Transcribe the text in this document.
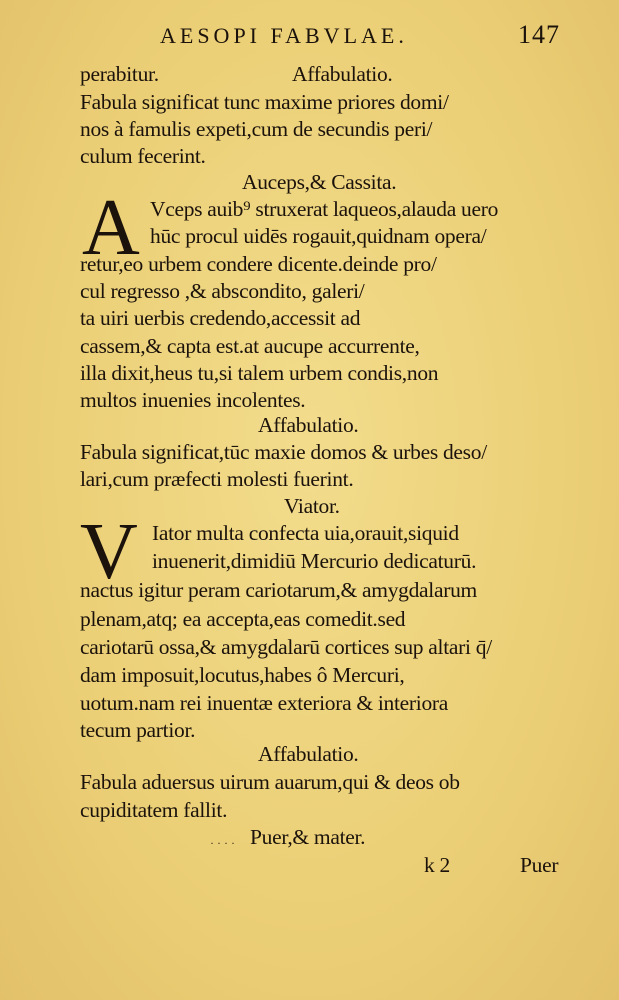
AESOPI FABVLAE.	147
perabitur.	Affabulatio.
Fabula significat tunc maxime priores domi/
nos à famulis expeti,cum de secundis peri/
culum fecerint.
Auceps,& Cassita.
A Vceps auib⁹ struxerat laqueos,alauda uero
hūc procul uidēs rogauit,quidnam opera/
retur,eo urbem condere dicente.deinde pro/
cul regresso ,& abscondito, galeri/
ta uiri uerbis credendo,accessit ad
cassem,& capta est.at aucupe accurrente,
illa dixit,heus tu,si talem urbem condis,non
multos inuenies incolentes.
Affabulatio.
Fabula significat,tūc maxie domos & urbes deso/
lari,cum præfecti molesti fuerint.
Viator.
V Iator multa confecta uia,orauit,siquid
inuenerit,dimidiū Mercurio dedicaturū.
nactus igitur peram cariotarum,& amygdalarum
plenam,atq; ea accepta,eas comedit.sed
cariotarū ossa,& amygdalarū cortices sup altari q̄/
dam imposuit,locutus,habes ô Mercuri,
uotum.nam rei inuentæ exteriora & interiora
tecum partior.
Affabulatio.
Fabula aduersus uirum auarum,qui & deos ob
cupiditatem fallit.
Puer,& mater.
· · · ·
k 2	Puer
